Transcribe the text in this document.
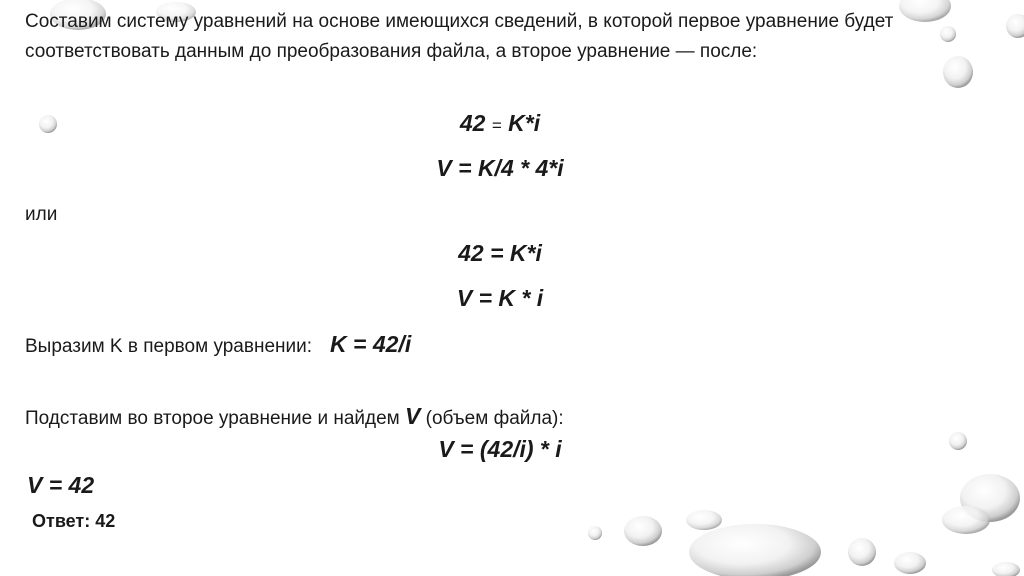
Составим систему уравнений на основе имеющихся сведений, в которой первое уравнение будет соответствовать данным до преобразования файла, а второе уравнение — после:

42 = K*i

V = K/4 * 4*i

или

42 = K*i

V = K * i

Выразим K в первом уравнении: K = 42/i

Подставим во второе уравнение и найдем V (объем файла):

V = (42/i) * i

V = 42

Ответ: 42
